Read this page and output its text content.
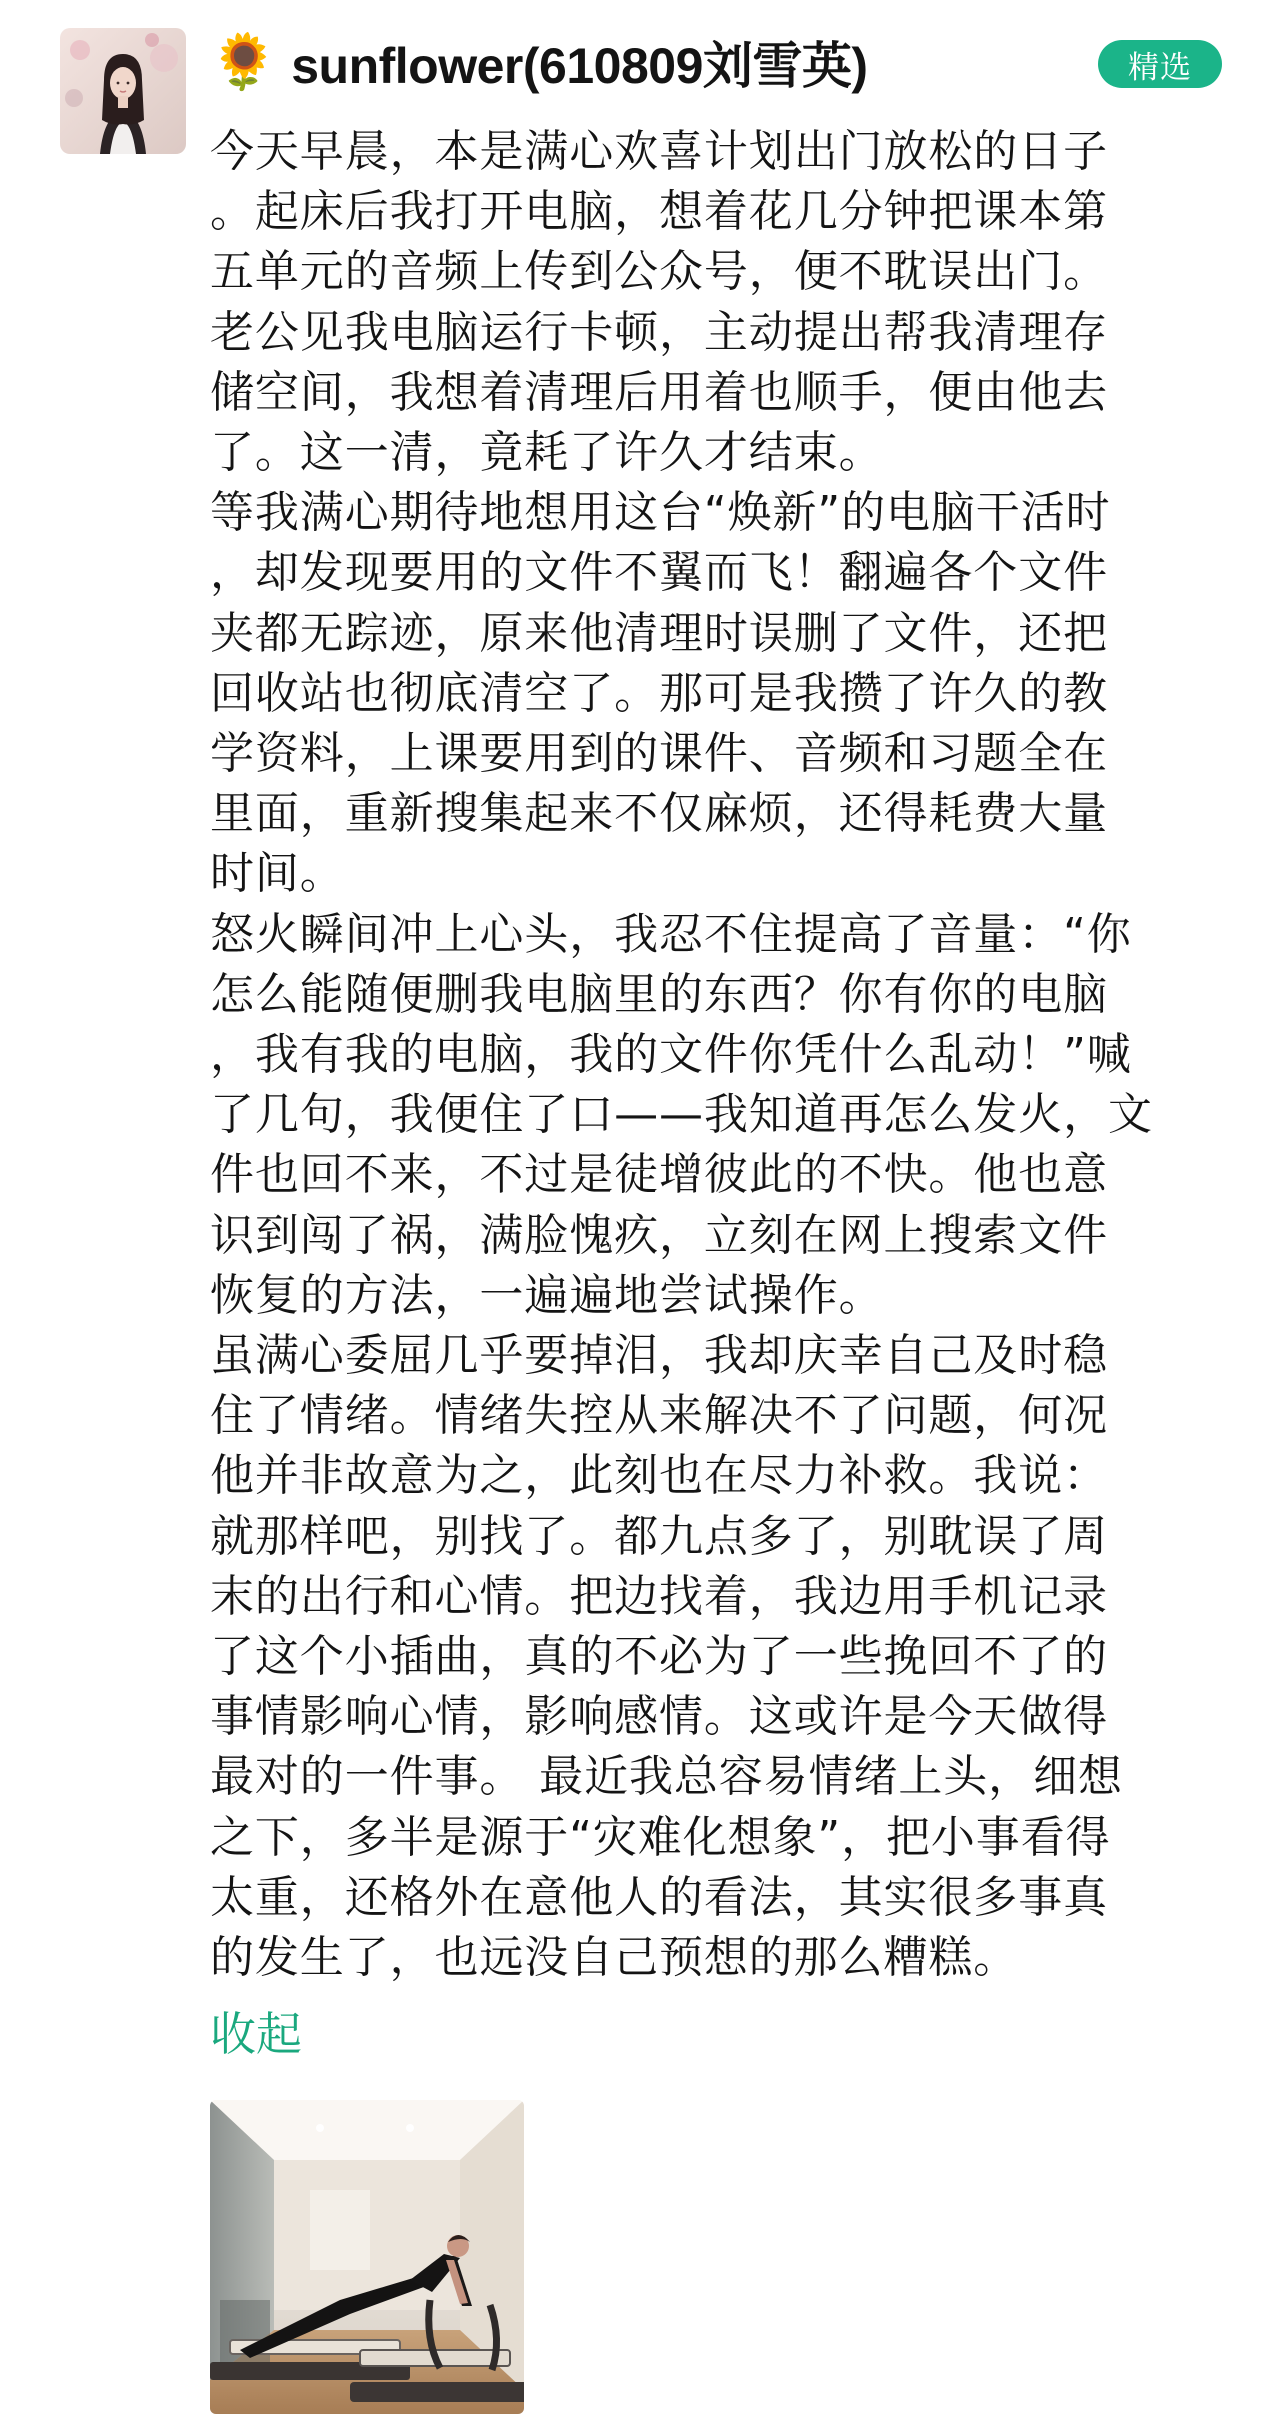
🌻 sunflower(610809刘雪英)	精选

今天早晨，本是满心欢喜计划出门放松的日子
。起床后我打开电脑，想着花几分钟把课本第
五单元的音频上传到公众号，便不耽误出门。
老公见我电脑运行卡顿，主动提出帮我清理存
储空间，我想着清理后用着也顺手，便由他去
了。这一清，竟耗了许久才结束。

等我满心期待地想用这台“焕新”的电脑干活时
，却发现要用的文件不翼而飞！翻遍各个文件
夹都无踪迹，原来他清理时误删了文件，还把
回收站也彻底清空了。那可是我攒了许久的教
学资料，上课要用到的课件、音频和习题全在
里面，重新搜集起来不仅麻烦，还得耗费大量
时间。

怒火瞬间冲上心头，我忍不住提高了音量：“你
怎么能随便删我电脑里的东西？你有你的电脑
，我有我的电脑，我的文件你凭什么乱动！”喊
了几句，我便住了口——我知道再怎么发火，文
件也回不来，不过是徒增彼此的不快。他也意
识到闯了祸，满脸愧疚，立刻在网上搜索文件
恢复的方法，一遍遍地尝试操作。

虽满心委屈几乎要掉泪，我却庆幸自己及时稳
住了情绪。情绪失控从来解决不了问题，何况
他并非故意为之，此刻也在尽力补救。我说：
就那样吧，别找了。都九点多了，别耽误了周
末的出行和心情。把边找着，我边用手机记录
了这个小插曲，真的不必为了一些挽回不了的
事情影响心情，影响感情。这或许是今天做得
最对的一件事。 最近我总容易情绪上头，细想
之下，多半是源于“灾难化想象”，把小事看得
太重，还格外在意他人的看法，其实很多事真
的发生了，也远没自己预想的那么糟糕。

收起
